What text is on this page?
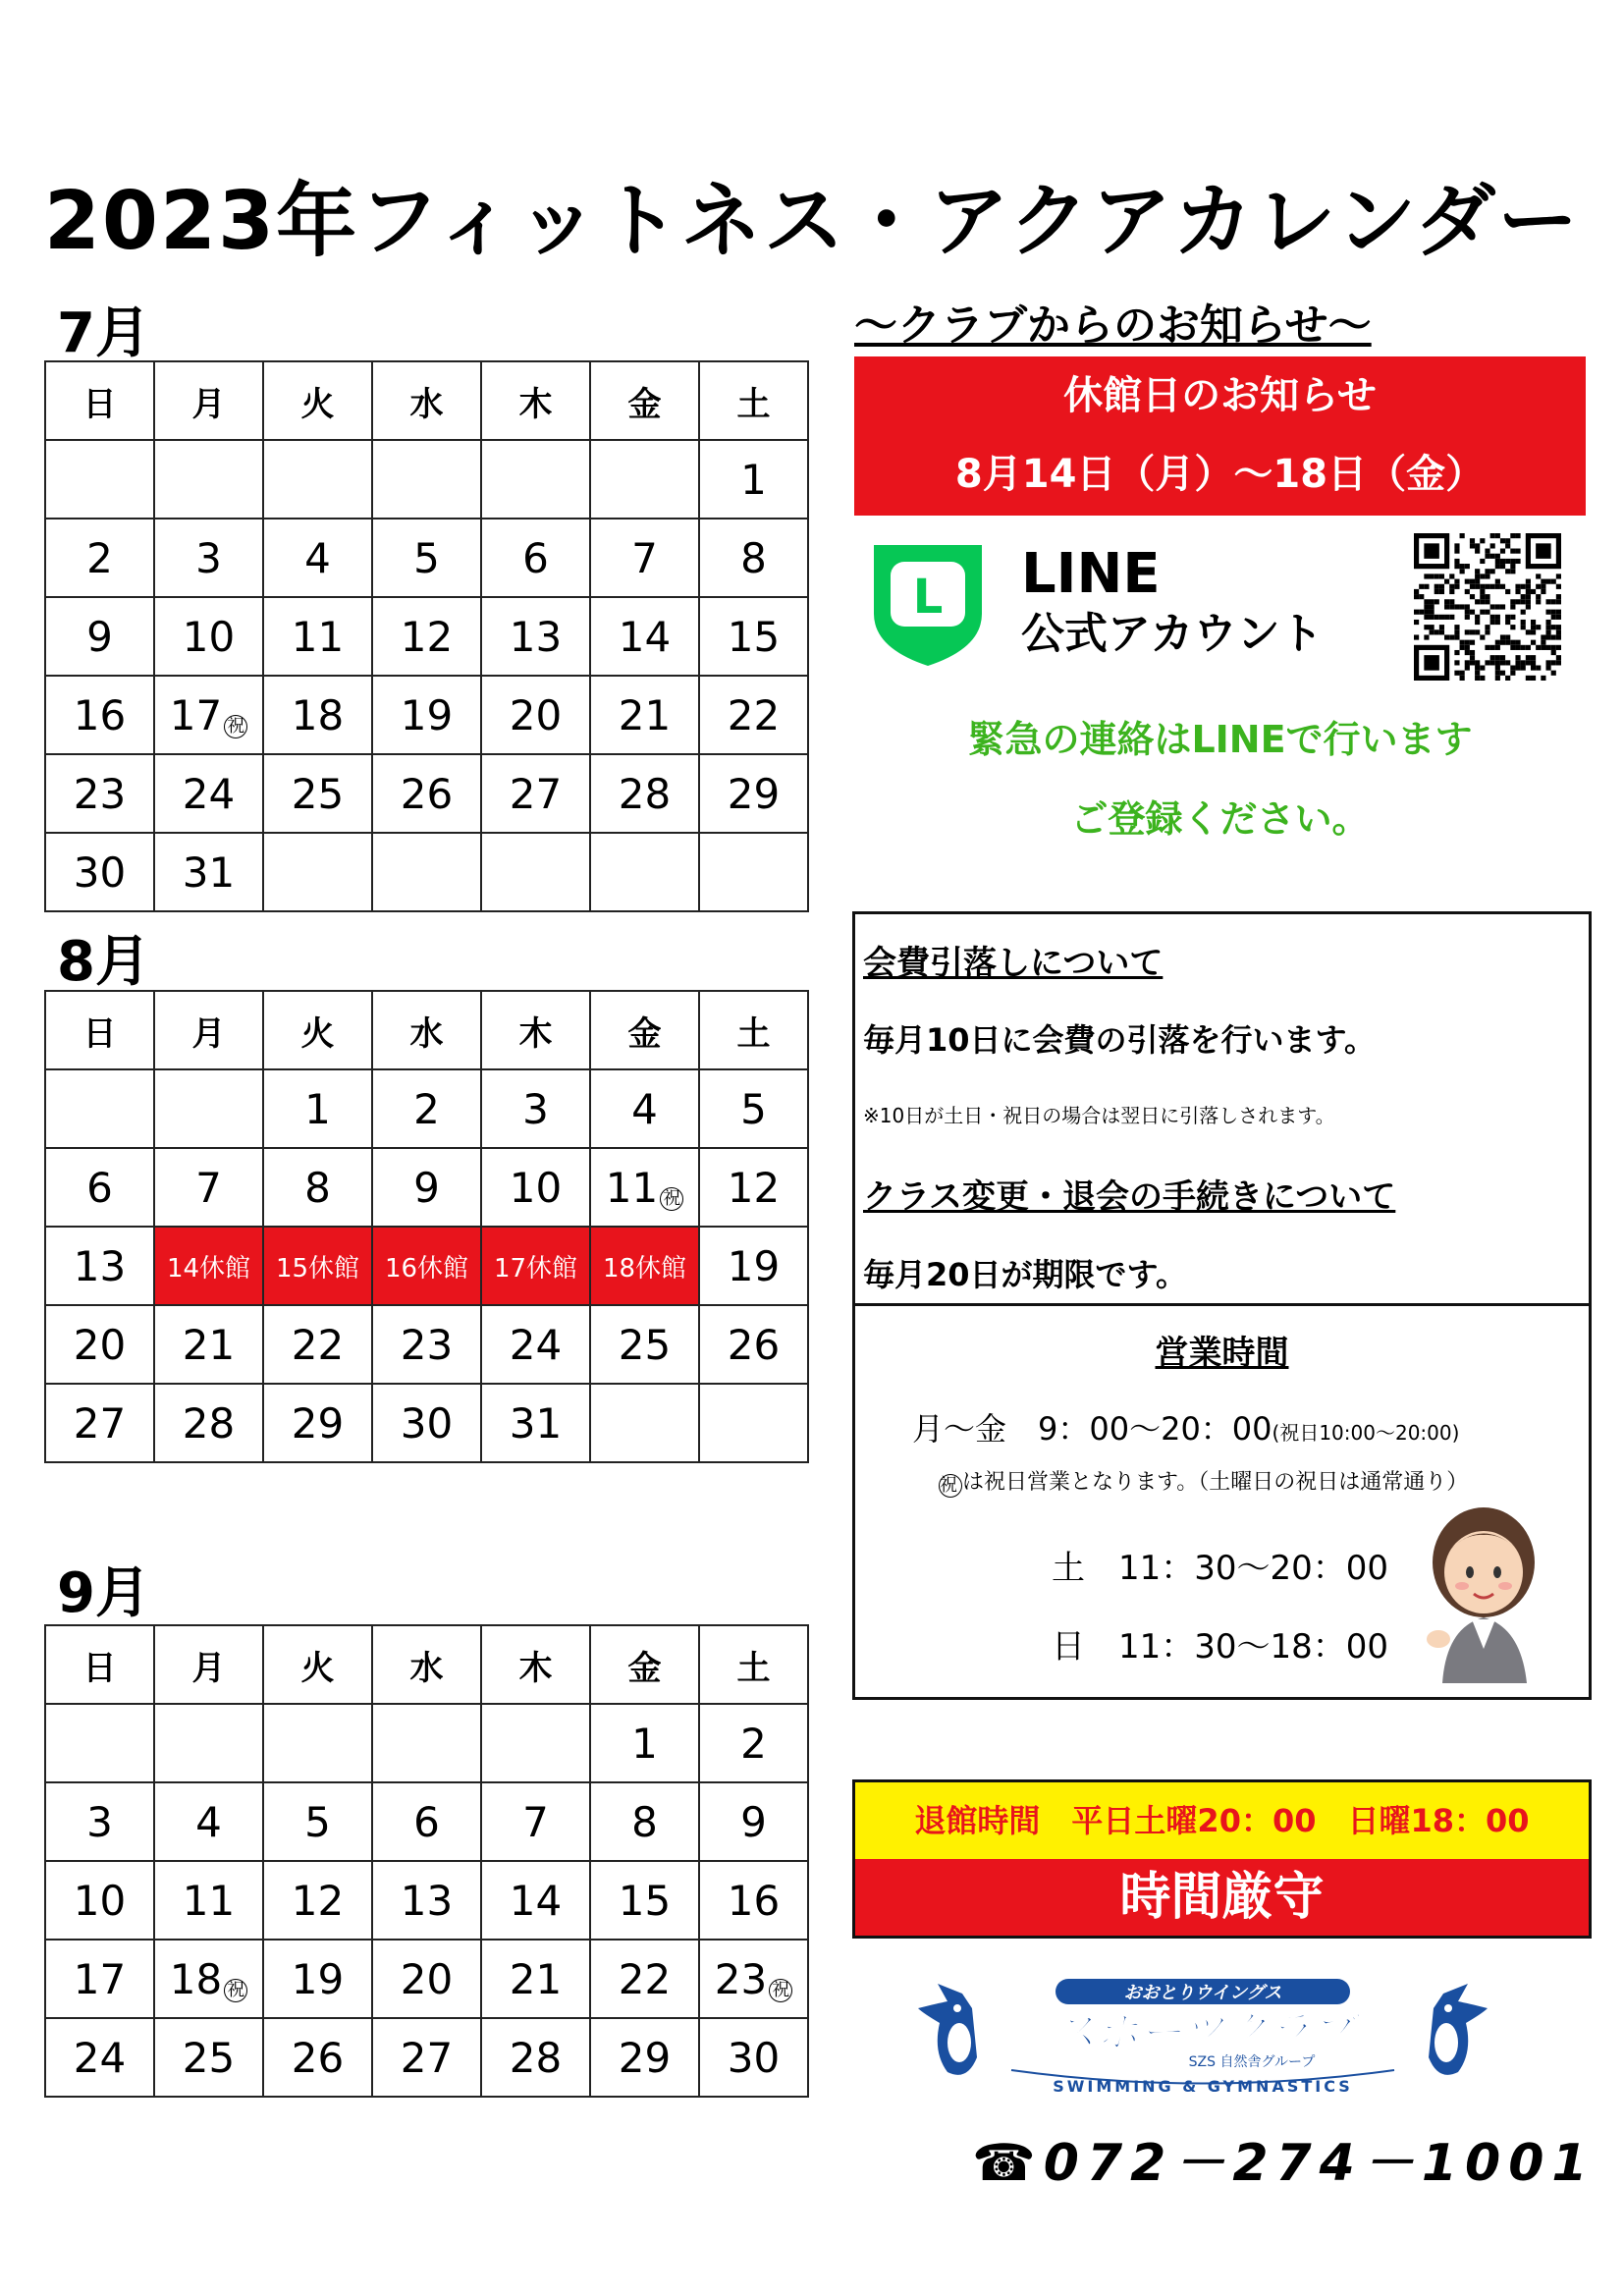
2023年フィットネス・アクアカレンダー
7月
8月
9月
日	月	火	水	木	金	土
						1
2	3	4	5	6	7	8
9	10	11	12	13	14	15
16	17 祝	18	19	20	21	22
23	24	25	26	27	28	29
30	31					
日	月	火	水	木	金	土
		1	2	3	4	5
6	7	8	9	10	11 祝	12
13	14休館	15休館	16休館	17休館	18休館	19
20	21	22	23	24	25	26
27	28	29	30	31		
日	月	火	水	木	金	土
					1	2
3	4	5	6	7	8	9
10	11	12	13	14	15	16
17	18 祝	19	20	21	22	23 祝
24	25	26	27	28	29	30
～クラブからのお知らせ～
休館日のお知らせ
8月14日（月）～18日（金）
L LINE
公式アカウント
緊急の連絡はLINEで行います
ご登録ください。
会費引落しについて
毎月10日に会費の引落を行います。
※10日が土日・祝日の場合は翌日に引落しされます。
クラス変更・退会の手続きについて
毎月20日が期限です。
営業時間
月～金　9：00～20：00(祝日10:00～20:00)
祝 は祝日営業となります。（土曜日の祝日は通常通り）
土　11：30～20：00
日　11：30～18：00
退館時間　平日土曜20：00　日曜18：00
時間厳守
おおとりウイングス
スポーツクラブ
SZS 自然舎グループ
SWIMMING & GYMNASTICS
☎072－274－1001
